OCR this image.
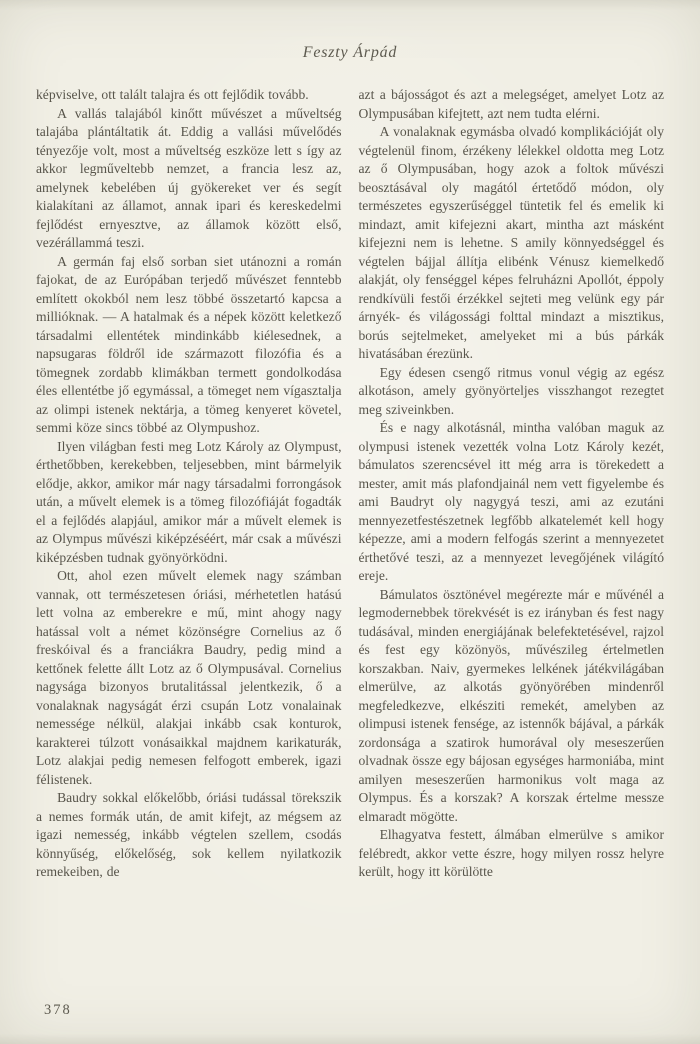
Feszty Árpád

képviselve, ott talált talajra és ott fejlődik tovább.

A vallás talajából kinőtt művészet a műveltség talajába plántáltatik át. Eddig a vallási művelődés tényezője volt, most a műveltség eszköze lett s így az akkor legműveltebb nemzet, a francia lesz az, amelynek kebelében új gyökereket ver és segít kialakítani az államot, annak ipari és kereskedelmi fejlődést ernyesztve, az államok között első, vezérállammá teszi.

A germán faj első sorban siet utánozni a román fajokat, de az Európában terjedő művészet fenntebb említett okokból nem lesz többé összetartó kapcsa a millióknak. — A hatalmak és a népek között keletkező társadalmi ellentétek mindinkább kiélesednek, a napsugaras földről ide származott filozófia és a tömegnek zordabb klimákban termett gondolkodása éles ellentétbe jő egymással, a tömeget nem vígasztalja az olimpi istenek nektárja, a tömeg kenyeret követel, semmi köze sincs többé az Olympushoz.

Ilyen világban festi meg Lotz Károly az Olympust, érthetőbben, kerekebben, teljesebben, mint bármelyik elődje, akkor, amikor már nagy társadalmi forrongások után, a művelt elemek is a tömeg filozófiáját fogadták el a fejlődés alapjául, amikor már a művelt elemek is az Olympus művészi kiképzéséért, már csak a művészi kiképzésben tudnak gyönyörködni.

Ott, ahol ezen művelt elemek nagy számban vannak, ott természetesen óriási, mérhetetlen hatású lett volna az emberekre e mű, mint ahogy nagy hatással volt a német közönségre Cornelius az ő freskóival és a franciákra Baudry, pedig mind a kettőnek felette állt Lotz az ő Olympusával. Cornelius nagysága bizonyos brutalitással jelentkezik, ő a vonalaknak nagyságát érzi csupán Lotz vonalainak nemessége nélkül, alakjai inkább csak konturok, karakterei túlzott vonásaikkal majdnem karikaturák, Lotz alakjai pedig nemesen felfogott emberek, igazi félistenek.

Baudry sokkal előkelőbb, óriási tudással törekszik a nemes formák után, de amit kifejt, az mégsem az igazi nemesség, inkább végtelen szellem, csodás könnyűség, előkelőség, sok kellem nyilatkozik remekeiben, de

azt a bájosságot és azt a melegséget, amelyet Lotz az Olympusában kifejtett, azt nem tudta elérni.

A vonalaknak egymásba olvadó komplikációját oly végtelenül finom, érzékeny lélekkel oldotta meg Lotz az ő Olympusában, hogy azok a foltok művészi beosztásával oly magától értetődő módon, oly természetes egyszerűséggel tüntetik fel és emelik ki mindazt, amit kifejezni akart, mintha azt másként kifejezni nem is lehetne. S amily könnyedséggel és végtelen bájjal állítja elibénk Vénusz kiemelkedő alakját, oly fenséggel képes felruházni Apollót, éppoly rendkívüli festői érzékkel sejteti meg velünk egy pár árnyék- és világossági folttal mindazt a misztikus, borús sejtelmeket, amelyeket mi a bús párkák hivatásában érezünk.

Egy édesen csengő ritmus vonul végig az egész alkotáson, amely gyönyörteljes visszhangot rezegtet meg sziveinkben.

És e nagy alkotásnál, mintha valóban maguk az olympusi istenek vezették volna Lotz Károly kezét, bámulatos szerencsével itt még arra is törekedett a mester, amit más plafondjainál nem vett figyelembe és ami Baudryt oly nagygyá teszi, ami az ezutáni mennyezetfestészetnek legfőbb alkatelemét kell hogy képezze, ami a modern felfogás szerint a mennyezetet érthetővé teszi, az a mennyezet levegőjének világító ereje.

Bámulatos ösztönével megérezte már e művénél a legmodernebbek törekvését is ez irányban és fest nagy tudásával, minden energiájának belefektetésével, rajzol és fest egy közönyös, művészileg értelmetlen korszakban. Naiv, gyermekes lelkének játékvilágában elmerülve, az alkotás gyönyörében mindenről megfeledkezve, elkésziti remekét, amelyben az olimpusi istenek fensége, az istennők bájával, a párkák zordonsága a szatirok humorával oly meseszerűen olvadnak össze egy bájosan egységes harmoniába, mint amilyen meseszerűen harmonikus volt maga az Olympus. És a korszak? A korszak értelme messze elmaradt mögötte.

Elhagyatva festett, álmában elmerülve s amikor felébredt, akkor vette észre, hogy milyen rossz helyre került, hogy itt körülötte

378
